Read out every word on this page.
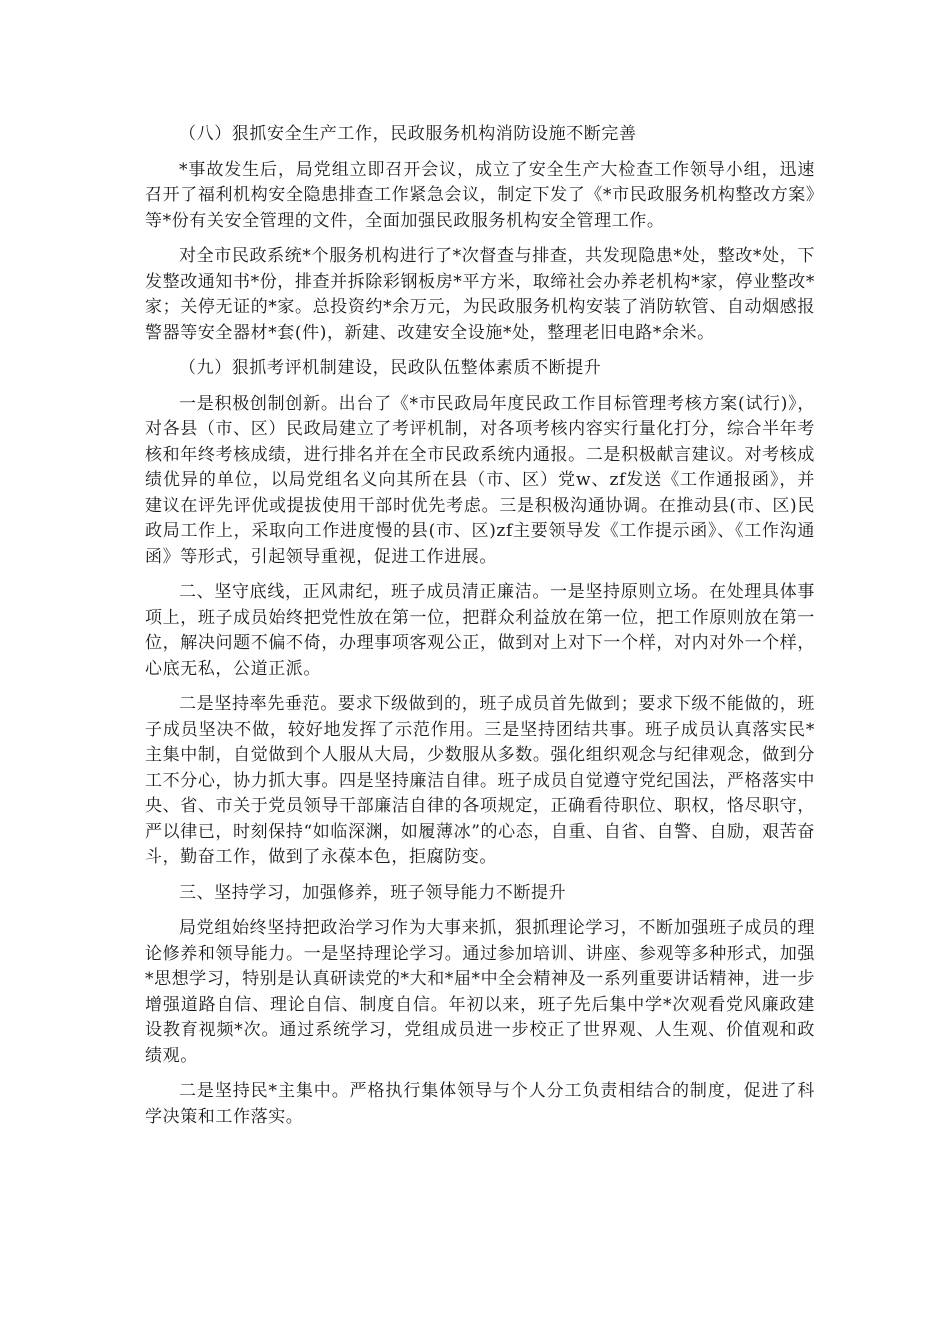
（八）狠抓安全生产工作，民政服务机构消防设施不断完善

*事故发生后，局党组立即召开会议，成立了安全生产大检查工作领导小组，迅速召开了福利机构安全隐患排查工作紧急会议，制定下发了《*市民政服务机构整改方案》等*份有关安全管理的文件，全面加强民政服务机构安全管理工作。

对全市民政系统*个服务机构进行了*次督查与排查，共发现隐患*处，整改*处，下发整改通知书*份，排查并拆除彩钢板房*平方米，取缔社会办养老机构*家，停业整改*家；关停无证的*家。总投资约*余万元，为民政服务机构安装了消防软管、自动烟感报警器等安全器材*套(件)，新建、改建安全设施*处，整理老旧电路*余米。

（九）狠抓考评机制建设，民政队伍整体素质不断提升

一是积极创制创新。出台了《*市民政局年度民政工作目标管理考核方案(试行)》，对各县（市、区）民政局建立了考评机制，对各项考核内容实行量化打分，综合半年考核和年终考核成绩，进行排名并在全市民政系统内通报。二是积极献言建议。对考核成绩优异的单位，以局党组名义向其所在县（市、区）党w、zf发送《工作通报函》，并建议在评先评优或提拔使用干部时优先考虑。三是积极沟通协调。在推动县(市、区)民政局工作上，采取向工作进度慢的县(市、区)zf主要领导发《工作提示函》、《工作沟通函》等形式，引起领导重视，促进工作进展。

二、坚守底线，正风肃纪，班子成员清正廉洁。一是坚持原则立场。在处理具体事项上，班子成员始终把党性放在第一位，把群众利益放在第一位，把工作原则放在第一位，解决问题不偏不倚，办理事项客观公正，做到对上对下一个样，对内对外一个样，心底无私，公道正派。

二是坚持率先垂范。要求下级做到的，班子成员首先做到；要求下级不能做的，班子成员坚决不做，较好地发挥了示范作用。三是坚持团结共事。班子成员认真落实民*主集中制，自觉做到个人服从大局，少数服从多数。强化组织观念与纪律观念，做到分工不分心，协力抓大事。四是坚持廉洁自律。班子成员自觉遵守党纪国法，严格落实中央、省、市关于党员领导干部廉洁自律的各项规定，正确看待职位、职权，恪尽职守，严以律已，时刻保持“如临深渊，如履薄冰”的心态，自重、自省、自警、自励，艰苦奋斗，勤奋工作，做到了永葆本色，拒腐防变。

三、坚持学习，加强修养，班子领导能力不断提升

局党组始终坚持把政治学习作为大事来抓，狠抓理论学习，不断加强班子成员的理论修养和领导能力。一是坚持理论学习。通过参加培训、讲座、参观等多种形式，加强*思想学习，特别是认真研读党的*大和*届*中全会精神及一系列重要讲话精神，进一步增强道路自信、理论自信、制度自信。年初以来，班子先后集中学*次观看党风廉政建设教育视频*次。通过系统学习，党组成员进一步校正了世界观、人生观、价值观和政绩观。

二是坚持民*主集中。严格执行集体领导与个人分工负责相结合的制度，促进了科学决策和工作落实。
